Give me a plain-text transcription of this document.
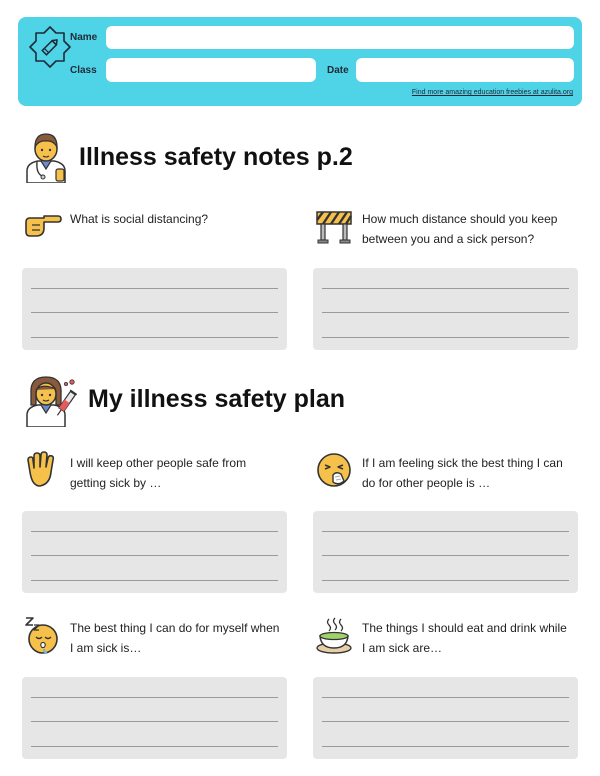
Name
Class	Date
Find more amazing education freebies at azulita.org
Illness safety notes p.2
What is social distancing?	How much distance should you keep between you and a sick person?
My illness safety plan
I will keep other people safe from getting sick by …
If I am feeling sick the best thing I can do for other people is …
The best thing I can do for myself when I am sick is…
The things I should eat and drink while I am sick are…
